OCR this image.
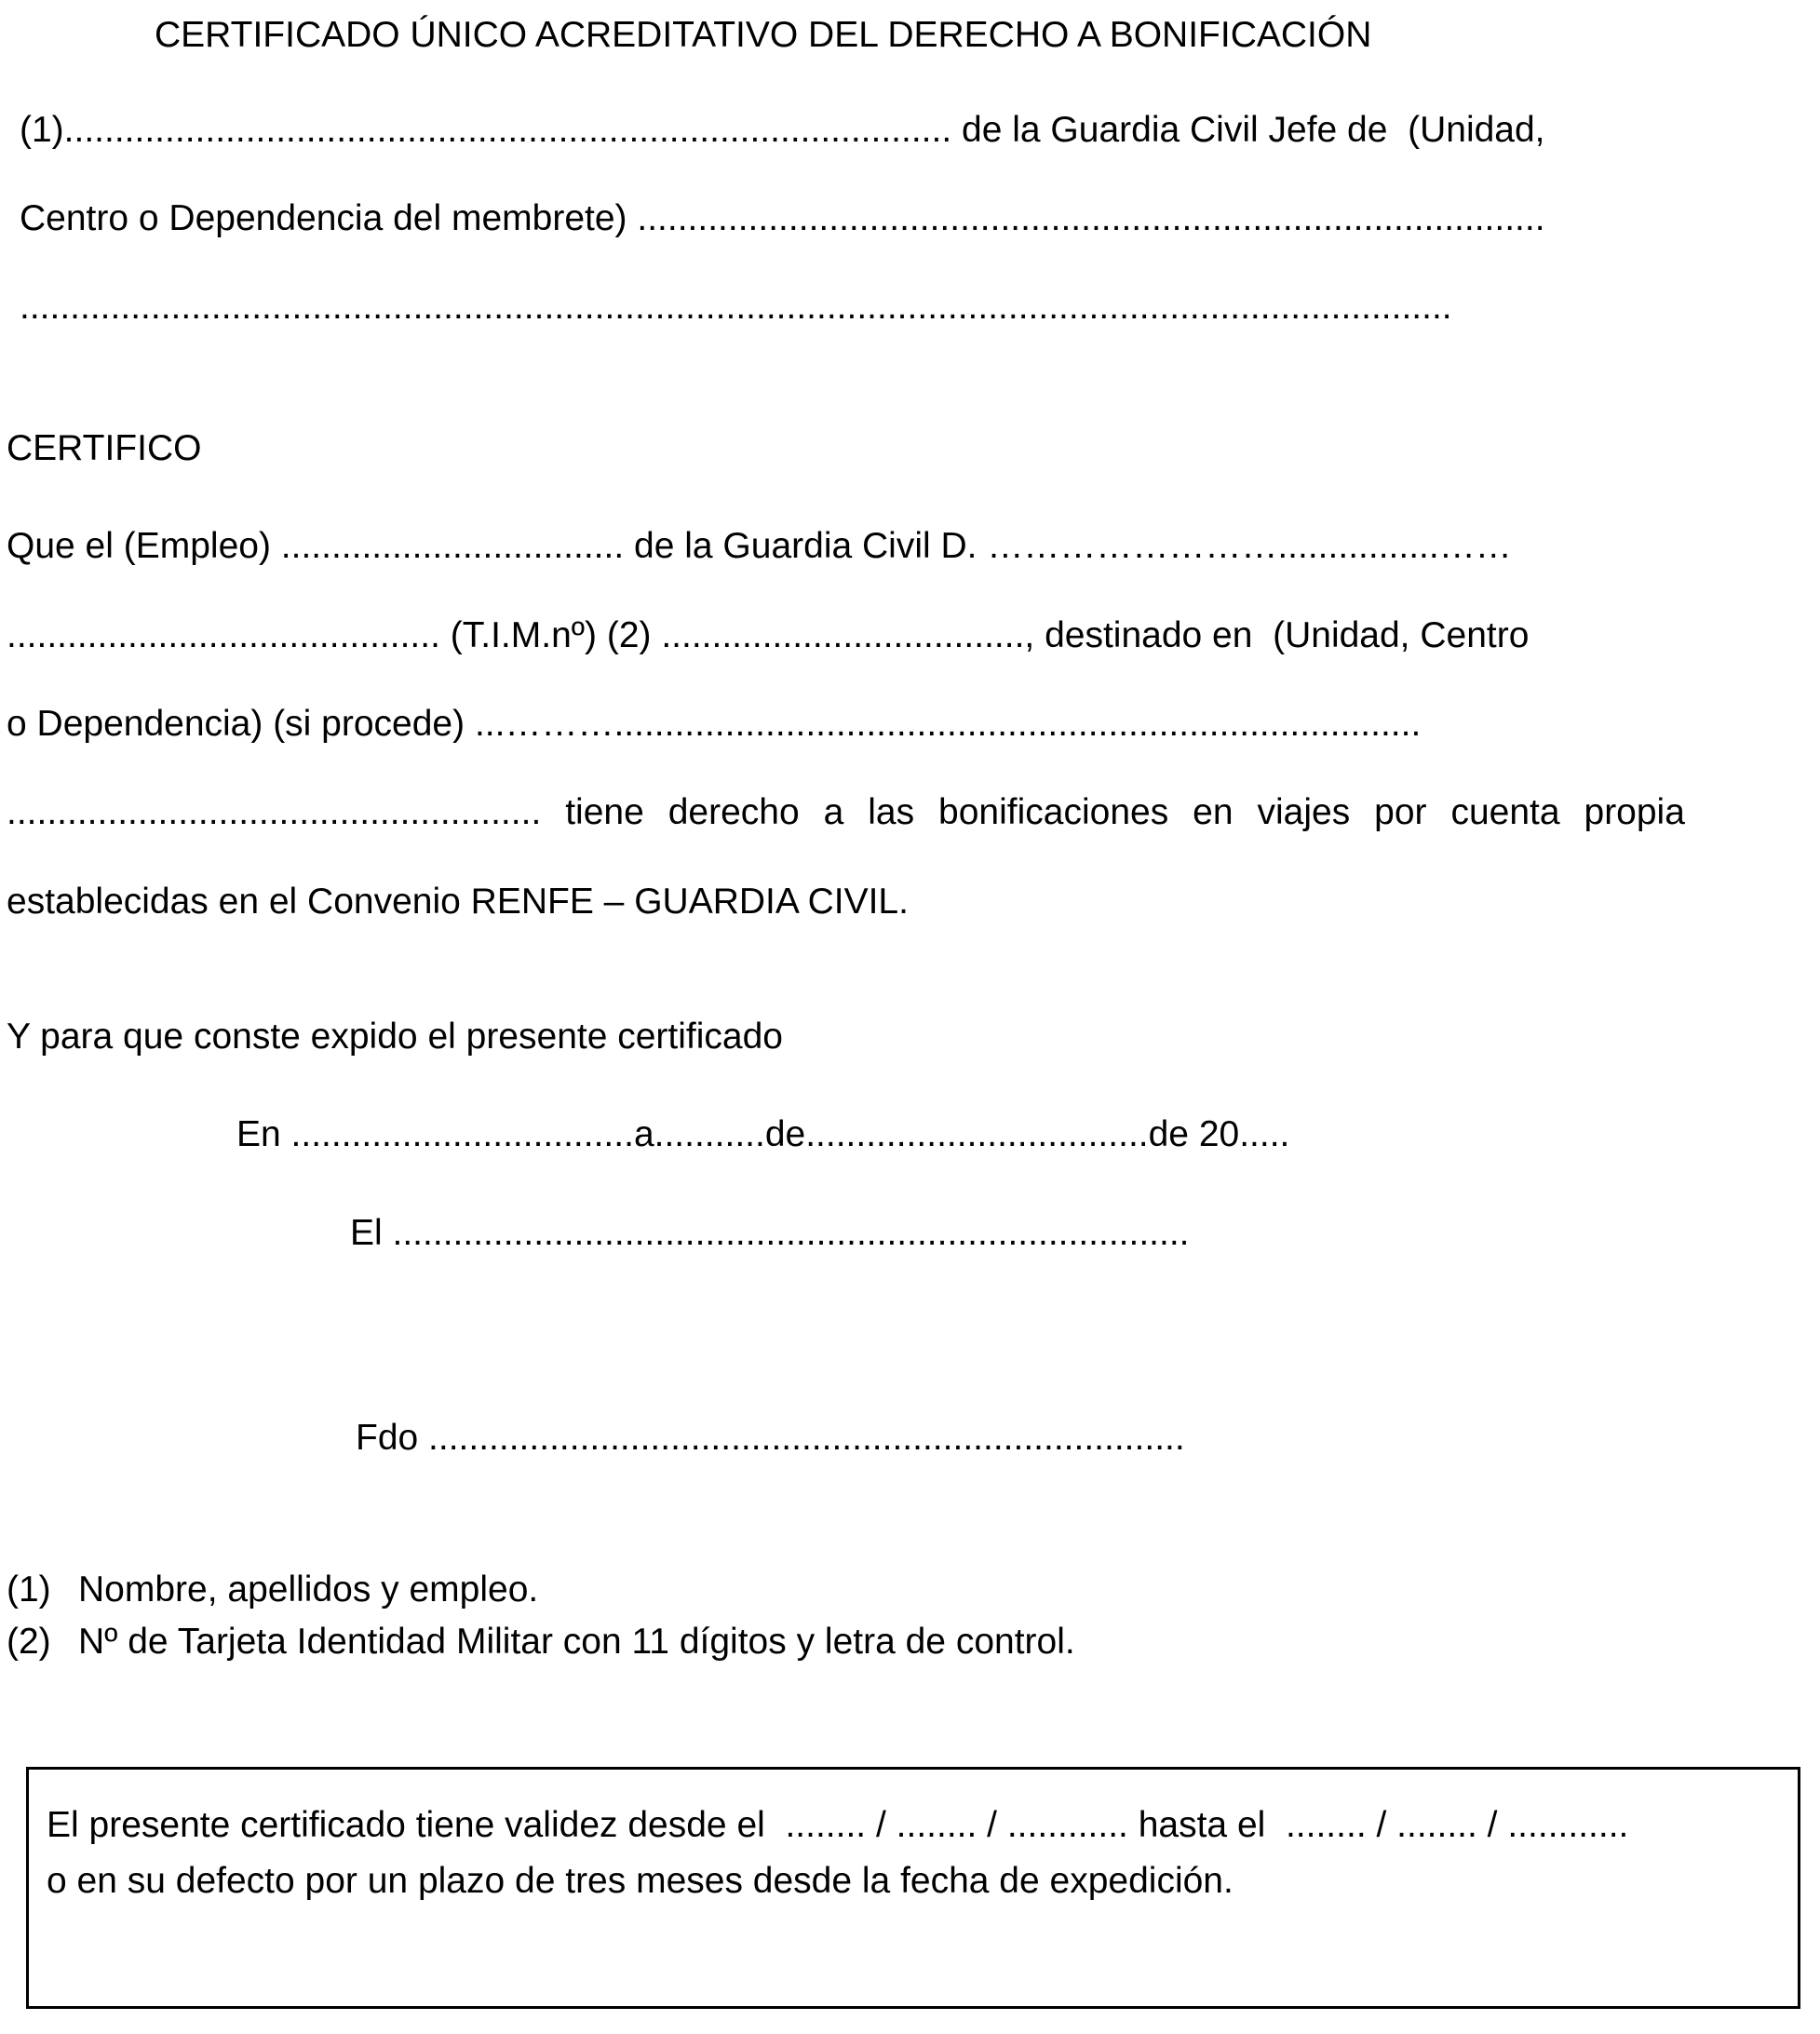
CERTIFICADO ÚNICO ACREDITATIVO DEL DERECHO A BONIFICACIÓN
(1)........................................................................................ de la Guardia Civil Jefe de  (Unidad,
Centro o Dependencia del membrete) ..........................................................................................
..............................................................................................................................................
CERTIFICO
Que el (Empleo) .................................. de la Guardia Civil D. ……………………................……
........................................... (T.I.M.nº) (2) ...................................., destinado en  (Unidad, Centro
o Dependencia) (si procede) ...………................................................................................
..................................................... tiene derecho a las bonificaciones en viajes por cuenta propia
establecidas en el Convenio RENFE – GUARDIA CIVIL.
Y para que conste expido el presente certificado
En ..................................a...........de..................................de 20.....
El ...............................................................................
Fdo ...........................................................................
(1) Nombre, apellidos y empleo.
(2) Nº de Tarjeta Identidad Militar con 11 dígitos y letra de control.
El presente certificado tiene validez desde el  ........ / ........ / ............ hasta el  ........ / ........ / ............
o en su defecto por un plazo de tres meses desde la fecha de expedición.
